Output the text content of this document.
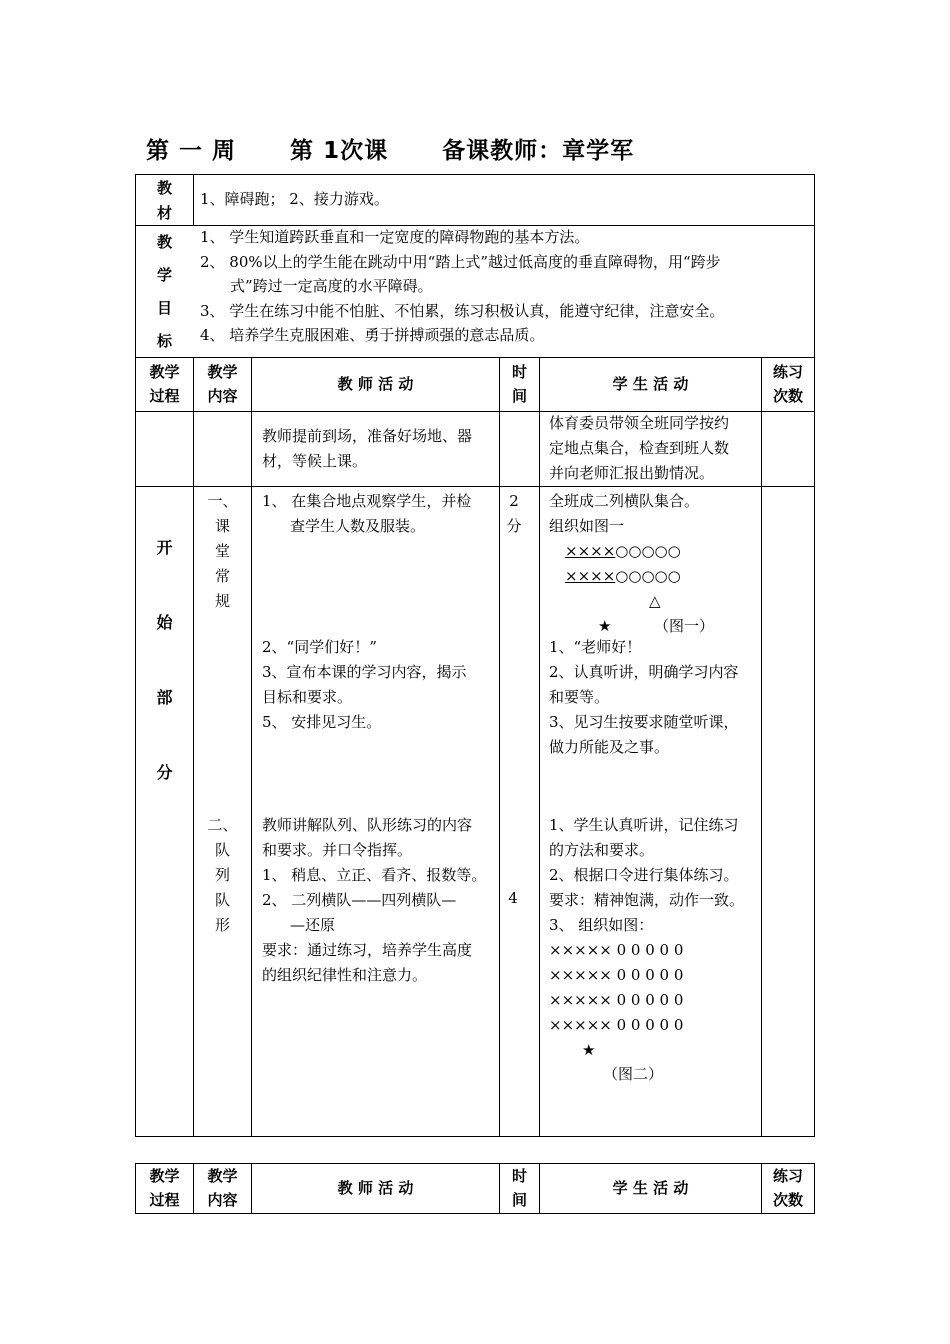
第 一 周      第 1次课      备课教师：章学军
教
材
1、障碍跑； 2、接力游戏。
教
学
目
标
1、 学生知道跨跃垂直和一定宽度的障碍物跑的基本方法。
2、 80%以上的学生能在跳动中用“踏上式”越过低高度的垂直障碍物，用“跨步
式”跨过一定高度的水平障碍。
3、 学生在练习中能不怕脏、不怕累，练习积极认真，能遵守纪律，注意安全。
4、 培养学生克服困难、勇于拼搏顽强的意志品质。
教学
过程
教学
内容
教 师 活 动
时
间
学 生 活 动
练习
次数
教师提前到场，准备好场地、器
材，等候上课。
体育委员带领全班同学按约
定地点集合，检查到班人数
并向老师汇报出勤情况。
开
始
部
分
一、
课
堂
常
规
1、 在集合地点观察学生，并检
查学生人数及服装。
2、“同学们好！”
3、宣布本课的学习内容，揭示
目标和要求。
5、 安排见习生。
2
分
全班成二列横队集合。
组织如图一
××××○○○○○
××××○○○○○
△
★	（图一）
1、“老师好！
2、认真听讲，明确学习内容
和要等。
3、见习生按要求随堂听课，
做力所能及之事。
二、
队
列
队
形
教师讲解队列、队形练习的内容
和要求。并口令指挥。
1、 稍息、立正、看齐、报数等。
2、 二列横队——四列横队—
—还原
要求：通过练习，培养学生高度
的组织纪律性和注意力。
4
1、学生认真听讲，记住练习
的方法和要求。
2、根据口令进行集体练习。
要求：精神饱满，动作一致。
3、 组织如图：
××××× 0 0 0 0 0
××××× 0 0 0 0 0
××××× 0 0 0 0 0
××××× 0 0 0 0 0
★
（图二）
教学
过程
教学
内容
教 师 活 动
时
间
学 生 活 动
练习
次数
